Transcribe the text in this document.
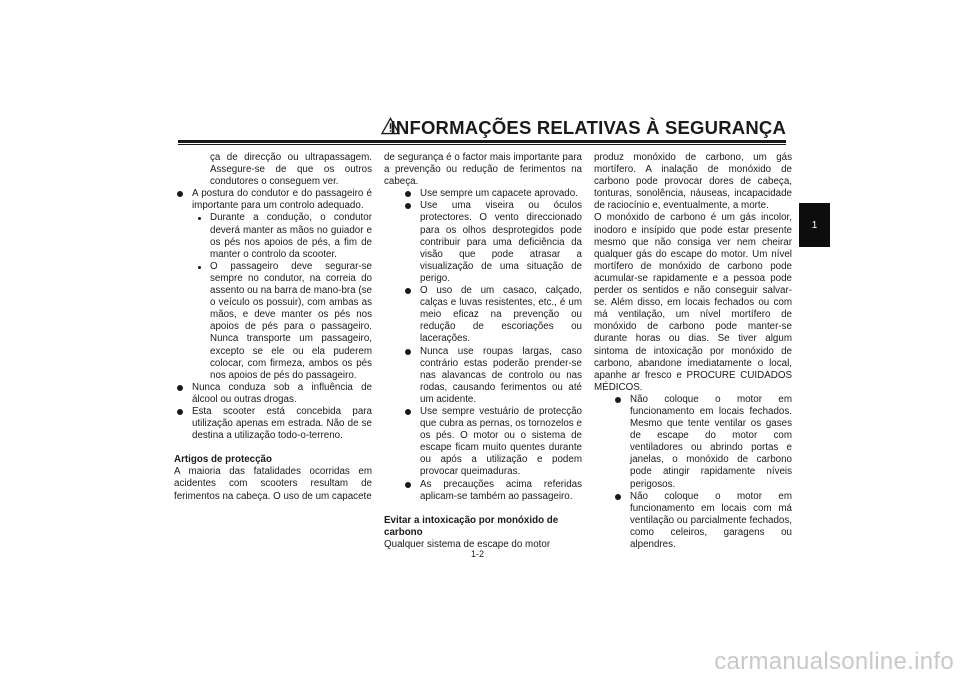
INFORMAÇÕES RELATIVAS À SEGURANÇA
1

ça de direcção ou ultrapassagem. Assegure-se de que os outros condutores o conseguem ver.

A postura do condutor e do passageiro é importante para um controlo adequado.

Durante a condução, o condutor deverá manter as mãos no guiador e os pés nos apoios de pés, a fim de manter o controlo da scooter.

O passageiro deve segurar-se sempre no condutor, na correia do assento ou na barra de mano-bra (se o veículo os possuir), com ambas as mãos, e deve manter os pés nos apoios de pés para o passageiro. Nunca transporte um passageiro, excepto se ele ou ela puderem colocar, com firmeza, ambos os pés nos apoios de pés do passageiro.

Nunca conduza sob a influência de álcool ou outras drogas.

Esta scooter está concebida para utilização apenas em estrada. Não de se destina a utilização todo-o-terreno.

Artigos de protecção

A maioria das fatalidades ocorridas em acidentes com scooters resultam de ferimentos na cabeça. O uso de um capacete

de segurança é o factor mais importante para a prevenção ou redução de ferimentos na cabeça.

Use sempre um capacete aprovado.

Use uma viseira ou óculos protectores. O vento direccionado para os olhos desprotegidos pode contribuir para uma deficiência da visão que pode atrasar a visualização de uma situação de perigo.

O uso de um casaco, calçado, calças e luvas resistentes, etc., é um meio eficaz na prevenção ou redução de escoriações ou lacerações.

Nunca use roupas largas, caso contrário estas poderão prender-se nas alavancas de controlo ou nas rodas, causando ferimentos ou até um acidente.

Use sempre vestuário de protecção que cubra as pernas, os tornozelos e os pés. O motor ou o sistema de escape ficam muito quentes durante ou após a utilização e podem provocar queimaduras.

As precauções acima referidas aplicam-se também ao passageiro.

Evitar a intoxicação por monóxido de carbono

Qualquer sistema de escape do motor

produz monóxido de carbono, um gás mortífero. A inalação de monóxido de carbono pode provocar dores de cabeça, tonturas, sonolência, náuseas, incapacidade de raciocínio e, eventualmente, a morte.

O monóxido de carbono é um gás incolor, inodoro e insípido que pode estar presente mesmo que não consiga ver nem cheirar qualquer gás do escape do motor. Um nível mortífero de monóxido de carbono pode acumular-se rapidamente e a pessoa pode perder os sentidos e não conseguir salvar-se. Além disso, em locais fechados ou com má ventilação, um nível mortífero de monóxido de carbono pode manter-se durante horas ou dias. Se tiver algum sintoma de intoxicação por monóxido de carbono, abandone imediatamente o local, apanhe ar fresco e PROCURE CUIDADOS MÉDICOS.

Não coloque o motor em funcionamento em locais fechados. Mesmo que tente ventilar os gases de escape do motor com ventiladores ou abrindo portas e janelas, o monóxido de carbono pode atingir rapidamente níveis perigosos.

Não coloque o motor em funcionamento em locais com má ventilação ou parcialmente fechados, como celeiros, garagens ou alpendres.

1-2
carmanualsonline.info
